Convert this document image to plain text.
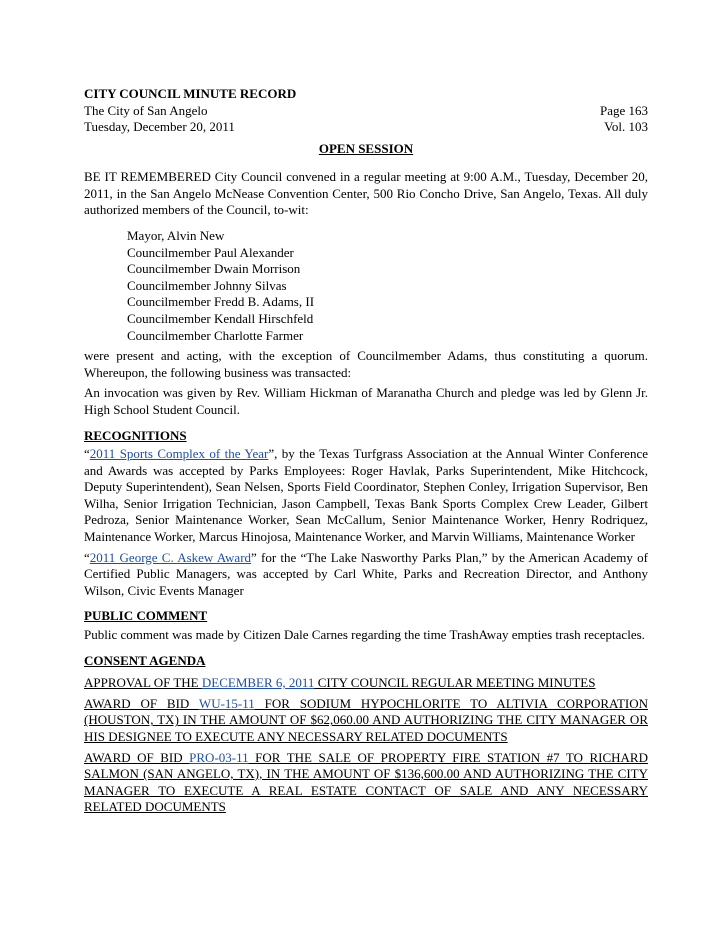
CITY COUNCIL MINUTE RECORD
The City of San Angelo	Page 163
Tuesday, December 20, 2011	Vol. 103
OPEN SESSION

BE IT REMEMBERED City Council convened in a regular meeting at 9:00 A.M., Tuesday, December 20, 2011, in the San Angelo McNease Convention Center, 500 Rio Concho Drive, San Angelo, Texas. All duly authorized members of the Council, to-wit:

Mayor, Alvin New
Councilmember Paul Alexander
Councilmember Dwain Morrison
Councilmember Johnny Silvas
Councilmember Fredd B. Adams, II
Councilmember Kendall Hirschfeld
Councilmember Charlotte Farmer

were present and acting, with the exception of Councilmember Adams, thus constituting a quorum. Whereupon, the following business was transacted:

An invocation was given by Rev. William Hickman of Maranatha Church and pledge was led by Glenn Jr. High School Student Council.

RECOGNITIONS

“2011 Sports Complex of the Year”, by the Texas Turfgrass Association at the Annual Winter Conference and Awards was accepted by Parks Employees: Roger Havlak, Parks Superintendent, Mike Hitchcock, Deputy Superintendent), Sean Nelsen, Sports Field Coordinator, Stephen Conley, Irrigation Supervisor, Ben Wilha, Senior Irrigation Technician, Jason Campbell, Texas Bank Sports Complex Crew Leader, Gilbert Pedroza, Senior Maintenance Worker, Sean McCallum, Senior Maintenance Worker, Henry Rodriquez, Maintenance Worker, Marcus Hinojosa, Maintenance Worker, and Marvin Williams, Maintenance Worker

“2011 George C. Askew Award” for the “The Lake Nasworthy Parks Plan,” by the American Academy of Certified Public Managers, was accepted by Carl White, Parks and Recreation Director, and Anthony Wilson, Civic Events Manager

PUBLIC COMMENT

Public comment was made by Citizen Dale Carnes regarding the time TrashAway empties trash receptacles.

CONSENT AGENDA

APPROVAL OF THE DECEMBER 6, 2011 CITY COUNCIL REGULAR MEETING MINUTES

AWARD OF BID WU-15-11 FOR SODIUM HYPOCHLORITE TO ALTIVIA CORPORATION (HOUSTON, TX) IN THE AMOUNT OF $62,060.00 AND AUTHORIZING THE CITY MANAGER OR HIS DESIGNEE TO EXECUTE ANY NECESSARY RELATED DOCUMENTS

AWARD OF BID PRO-03-11 FOR THE SALE OF PROPERTY FIRE STATION #7 TO RICHARD SALMON (SAN ANGELO, TX), IN THE AMOUNT OF $136,600.00 AND AUTHORIZING THE CITY MANAGER TO EXECUTE A REAL ESTATE CONTACT OF SALE AND ANY NECESSARY RELATED DOCUMENTS
